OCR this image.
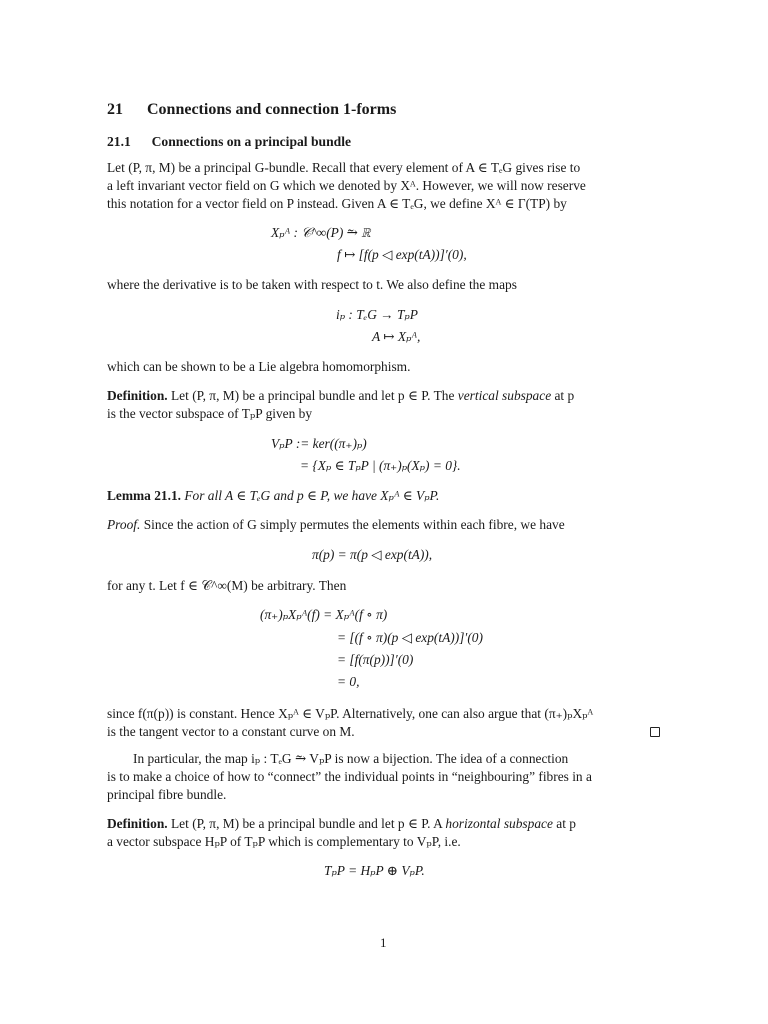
21 Connections and connection 1-forms
21.1 Connections on a principal bundle
Let (P, π, M) be a principal G-bundle. Recall that every element of A ∈ TₑG gives rise to
a left invariant vector field on G which we denoted by Xᴬ. However, we will now reserve
this notation for a vector field on P instead. Given A ∈ TₑG, we define Xᴬ ∈ Γ(TP) by
Xₚᴬ : 𝒞^∞(P) ⥲ ℝ
f ↦ [f(p ◁ exp(tA))]′(0),
where the derivative is to be taken with respect to t. We also define the maps
iₚ : TₑG → TₚP
A ↦ Xₚᴬ,
which can be shown to be a Lie algebra homomorphism.
Definition. Let (P, π, M) be a principal bundle and let p ∈ P. The vertical subspace at p
is the vector subspace of TₚP given by
VₚP := ker((π₊)ₚ)
= {Xₚ ∈ TₚP | (π₊)ₚ(Xₚ) = 0}.
Lemma 21.1. For all A ∈ TₑG and p ∈ P, we have Xₚᴬ ∈ VₚP.
Proof. Since the action of G simply permutes the elements within each fibre, we have
π(p) = π(p ◁ exp(tA)),
for any t. Let f ∈ 𝒞^∞(M) be arbitrary. Then
(π₊)ₚXₚᴬ(f) = Xₚᴬ(f ∘ π)
= [(f ∘ π)(p ◁ exp(tA))]′(0)
= [f(π(p))]′(0)
= 0,
since f(π(p)) is constant. Hence Xₚᴬ ∈ VₚP. Alternatively, one can also argue that (π₊)ₚXₚᴬ
is the tangent vector to a constant curve on M.
In particular, the map iₚ : TₑG ⥲ VₚP is now a bijection. The idea of a connection
is to make a choice of how to “connect” the individual points in “neighbouring” fibres in a
principal fibre bundle.
Definition. Let (P, π, M) be a principal bundle and let p ∈ P. A horizontal subspace at p
a vector subspace HₚP of TₚP which is complementary to VₚP, i.e.
TₚP = HₚP ⊕ VₚP.
1
